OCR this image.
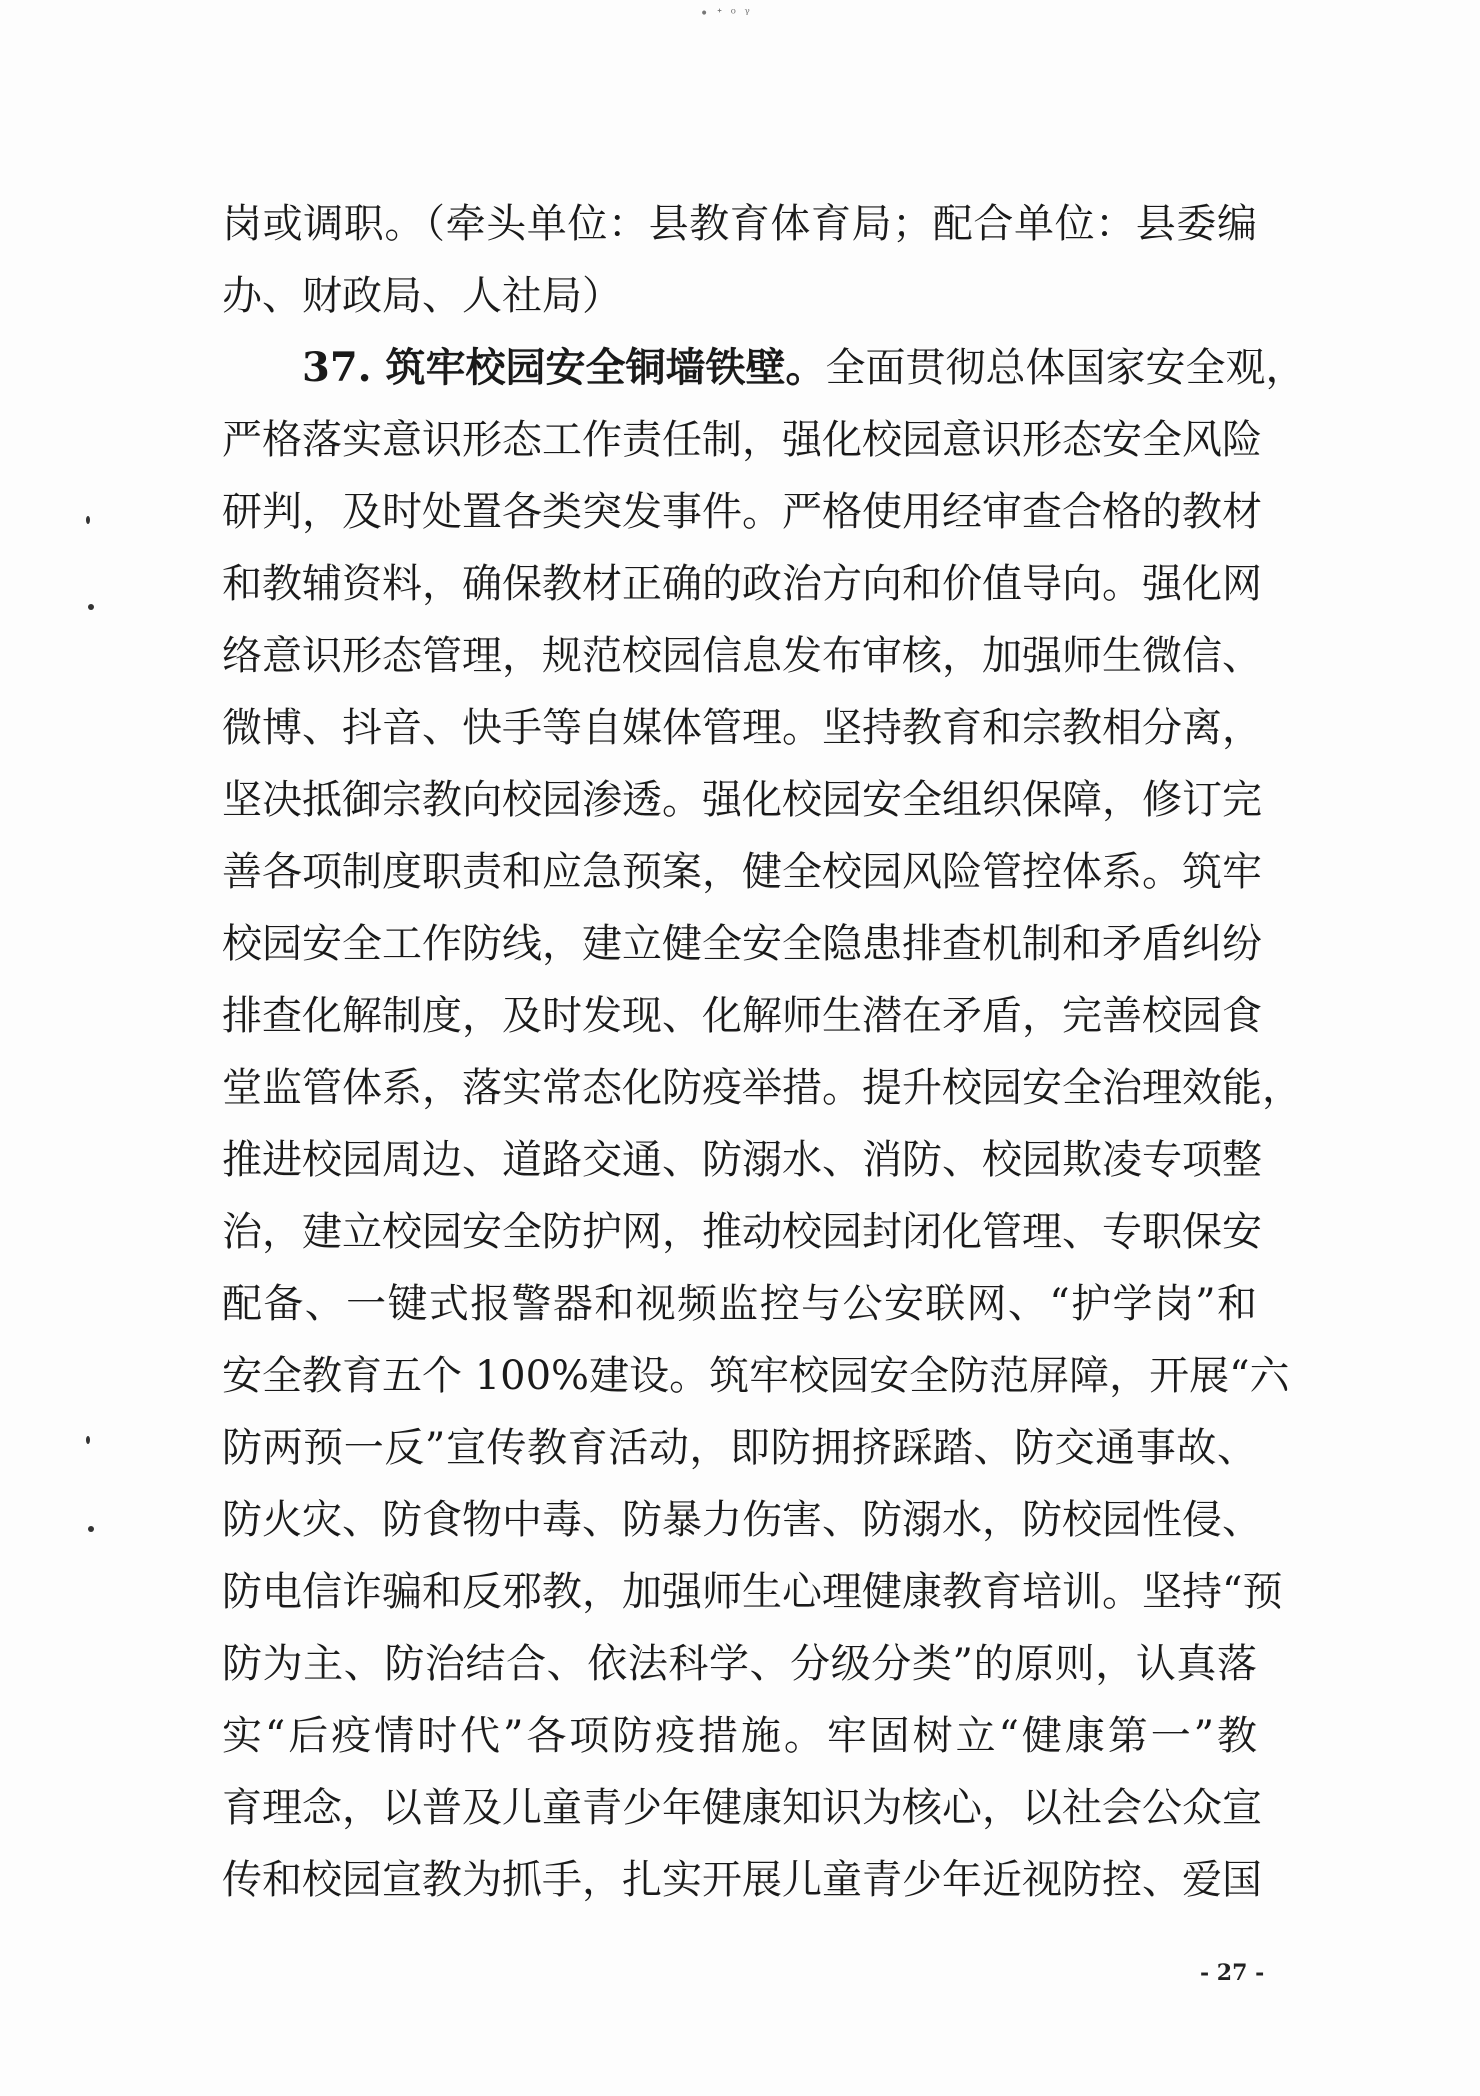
• ᐩ ᵒ ᵞ
岗或调职。（牵头单位：县教育体育局；配合单位：县委编
办、财政局、人社局）
37. 筑牢校园安全铜墙铁壁。全面贯彻总体国家安全观，
严格落实意识形态工作责任制，强化校园意识形态安全风险
研判，及时处置各类突发事件。严格使用经审查合格的教材
和教辅资料，确保教材正确的政治方向和价值导向。强化网
络意识形态管理，规范校园信息发布审核，加强师生微信、
微博、抖音、快手等自媒体管理。坚持教育和宗教相分离，
坚决抵御宗教向校园渗透。强化校园安全组织保障，修订完
善各项制度职责和应急预案，健全校园风险管控体系。筑牢
校园安全工作防线，建立健全安全隐患排查机制和矛盾纠纷
排查化解制度，及时发现、化解师生潜在矛盾，完善校园食
堂监管体系，落实常态化防疫举措。提升校园安全治理效能，
推进校园周边、道路交通、防溺水、消防、校园欺凌专项整
治，建立校园安全防护网，推动校园封闭化管理、专职保安
配备、一键式报警器和视频监控与公安联网、“护学岗”和
安全教育五个 100%建设。筑牢校园安全防范屏障，开展“六
防两预一反”宣传教育活动，即防拥挤踩踏、防交通事故、
防火灾、防食物中毒、防暴力伤害、防溺水，防校园性侵、
防电信诈骗和反邪教，加强师生心理健康教育培训。坚持“预
防为主、防治结合、依法科学、分级分类”的原则，认真落
实“后疫情时代”各项防疫措施。牢固树立“健康第一”教
育理念，以普及儿童青少年健康知识为核心，以社会公众宣
传和校园宣教为抓手，扎实开展儿童青少年近视防控、爱国
- 27 -
